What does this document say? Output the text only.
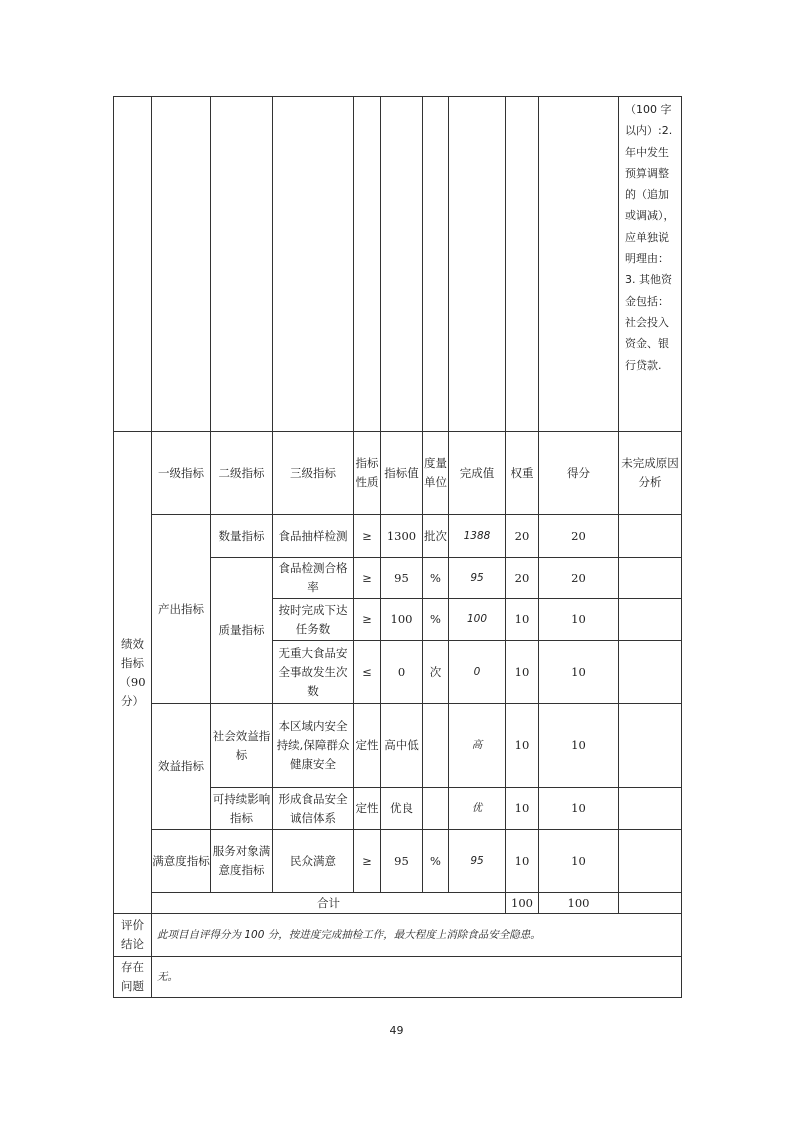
										（100 字以内）:2. 年中发生预算调整的（追加或调减），应单独说明理由：3. 其他资金包括：社会投入资金、银行贷款.
绩效指标（90分）	一级指标	二级指标	三级指标	指标性质	指标值	度量单位	完成值	权重	得分	未完成原因分析
	产出指标	数量指标	食品抽样检测	≥	1300	批次	1388	20	20	
		质量指标	食品检测合格率	≥	95	%	95	20	20	
			按时完成下达任务数	≥	100	%	100	10	10	
			无重大食品安全事故发生次数	≤	0	次	0	10	10	
	效益指标	社会效益指标	本区域内安全持续,保障群众健康安全	定性	高中低		高	10	10	
		可持续影响指标	形成食品安全诚信体系	定性	优良		优	10	10	
	满意度指标	服务对象满意度指标	民众满意	≥	95	%	95	10	10	
	合计							100	100	
评价结论	此项目自评得分为 100 分，按进度完成抽检工作，最大程度上消除食品安全隐患。									
存在问题	无。									
49
